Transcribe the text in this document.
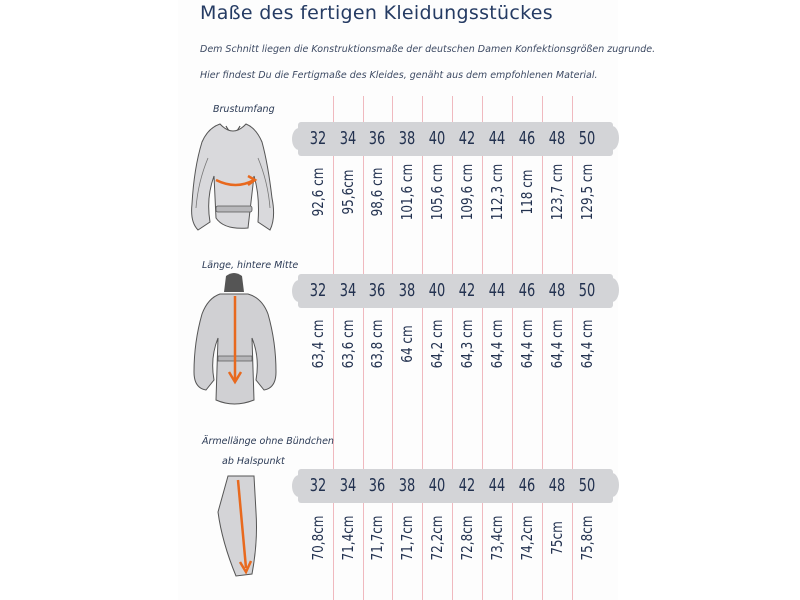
Maße des fertigen Kleidungsstückes
Dem Schnitt liegen die Konstruktionsmaße der deutschen Damen Konfektionsgrößen zugrunde.
Hier findest Du die Fertigmaße des Kleides, genäht aus dem empfohlenen Material.
32
92,6 cm
34
95,6cm
36
98,6 cm
38
101,6 cm
40
105,6 cm
42
109,6 cm
44
112,3 cm
46
118 cm
48
123,7 cm
50
129,5 cm
32
63,4 cm
34
63,6 cm
36
63,8 cm
38
64 cm
40
64,2 cm
42
64,3 cm
44
64,4 cm
46
64,4 cm
48
64,4 cm
50
64,4 cm
32
70,8cm
34
71,4cm
36
71,7cm
38
71,7cm
40
72,2cm
42
72,8cm
44
73,4cm
46
74,2cm
48
75cm
50
75,8cm
Brustumfang
Länge, hintere Mitte
Ärmellänge ohne Bündchen
ab Halspunkt
